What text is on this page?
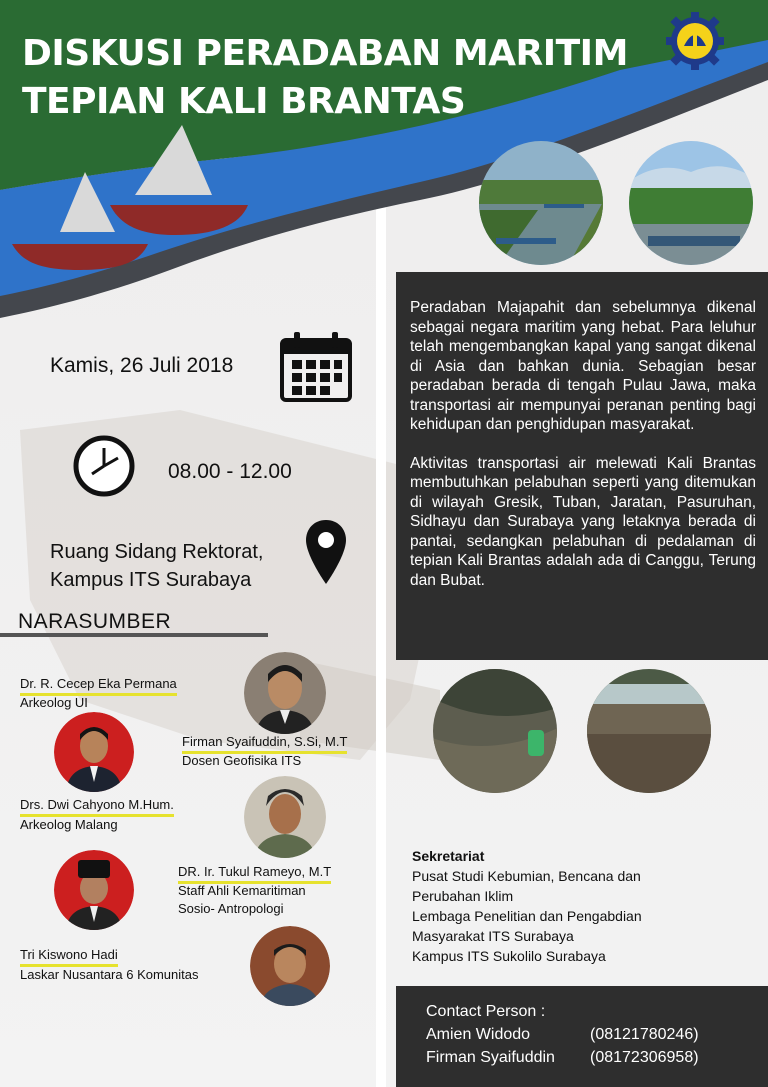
DISKUSI PERADABAN MARITIM
TEPIAN KALI BRANTAS

Peradaban Majapahit dan sebelumnya dikenal sebagai negara maritim yang hebat. Para leluhur telah mengembangkan kapal yang sangat dikenal di Asia dan bahkan dunia. Sebagian besar peradaban berada di tengah Pulau Jawa, maka transportasi air mempunyai peranan penting bagi kehidupan dan penghidupan masyarakat.

Aktivitas transportasi air melewati Kali Brantas membutuhkan pelabuhan seperti yang ditemukan di wilayah Gresik, Tuban, Jaratan, Pasuruhan, Sidhayu dan Surabaya yang letaknya berada di pantai, sedangkan pelabuhan di pedalaman di tepian Kali Brantas adalah ada di Canggu, Terung dan Bubat.

Kamis, 26 Juli 2018
08.00 - 12.00
Ruang Sidang Rektorat,
Kampus ITS Surabaya
NARASUMBER
Dr. R. Cecep Eka Permana
Arkeolog UI
Firman Syaifuddin, S.Si, M.T
Dosen Geofisika ITS
Drs. Dwi Cahyono M.Hum.
Arkeolog Malang
DR. Ir. Tukul Rameyo, M.T
Staff Ahli Kemaritiman
Sosio- Antropologi
Tri Kiswono Hadi
Laskar Nusantara 6 Komunitas
Sekretariat
Pusat Studi Kebumian, Bencana dan
Perubahan Iklim
Lembaga Penelitian dan Pengabdian
Masyarakat ITS Surabaya
Kampus ITS Sukolilo Surabaya
Contact Person :
Amien Widodo	(08121780246)
Firman Syaifuddin	(08172306958)
